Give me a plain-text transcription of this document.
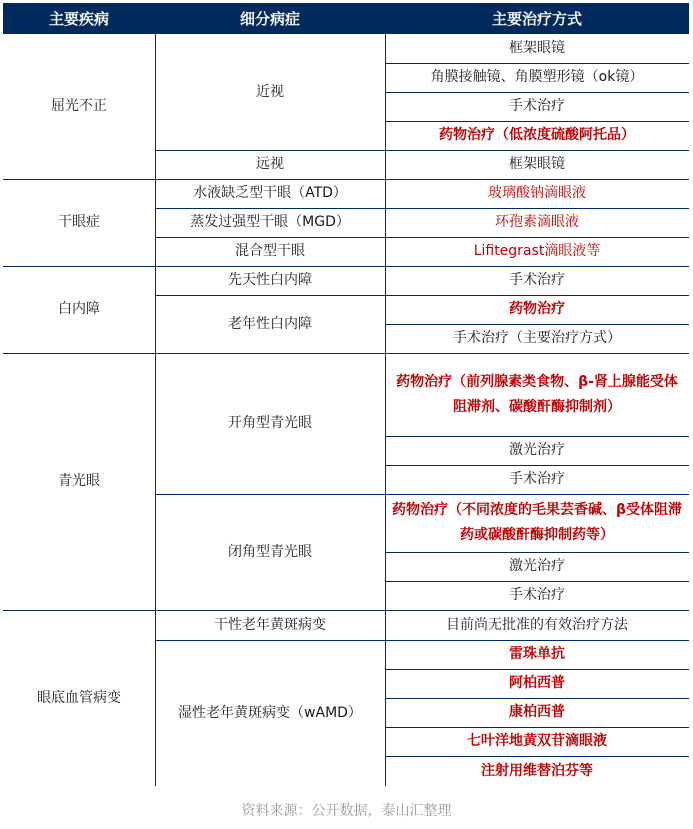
主要疾病	细分病症	主要治疗方式
屈光不正
干眼症
白内障
青光眼
眼底血管病变
近视
远视
水液缺乏型干眼（ATD）
蒸发过强型干眼（MGD）
混合型干眼
先天性白内障
老年性白内障
开角型青光眼
闭角型青光眼
干性老年黄斑病变
湿性老年黄斑病变（wAMD）
框架眼镜
角膜接触镜、角膜塑形镜（ok镜）
手术治疗
药物治疗（低浓度硫酸阿托品）
框架眼镜
玻璃酸钠滴眼液
环孢素滴眼液
Lifitegrast滴眼液等
手术治疗
药物治疗
手术治疗（主要治疗方式）
药物治疗（前列腺素类食物、β-肾上腺能受体阻滞剂、碳酸酐酶抑制剂）
激光治疗
手术治疗
药物治疗（不同浓度的毛果芸香碱、β受体阻滞药或碳酸酐酶抑制药等）
激光治疗
手术治疗
目前尚无批准的有效治疗方法
雷珠单抗
阿柏西普
康柏西普
七叶洋地黄双苷滴眼液
注射用维替泊芬等
资料来源：公开数据，泰山汇整理
